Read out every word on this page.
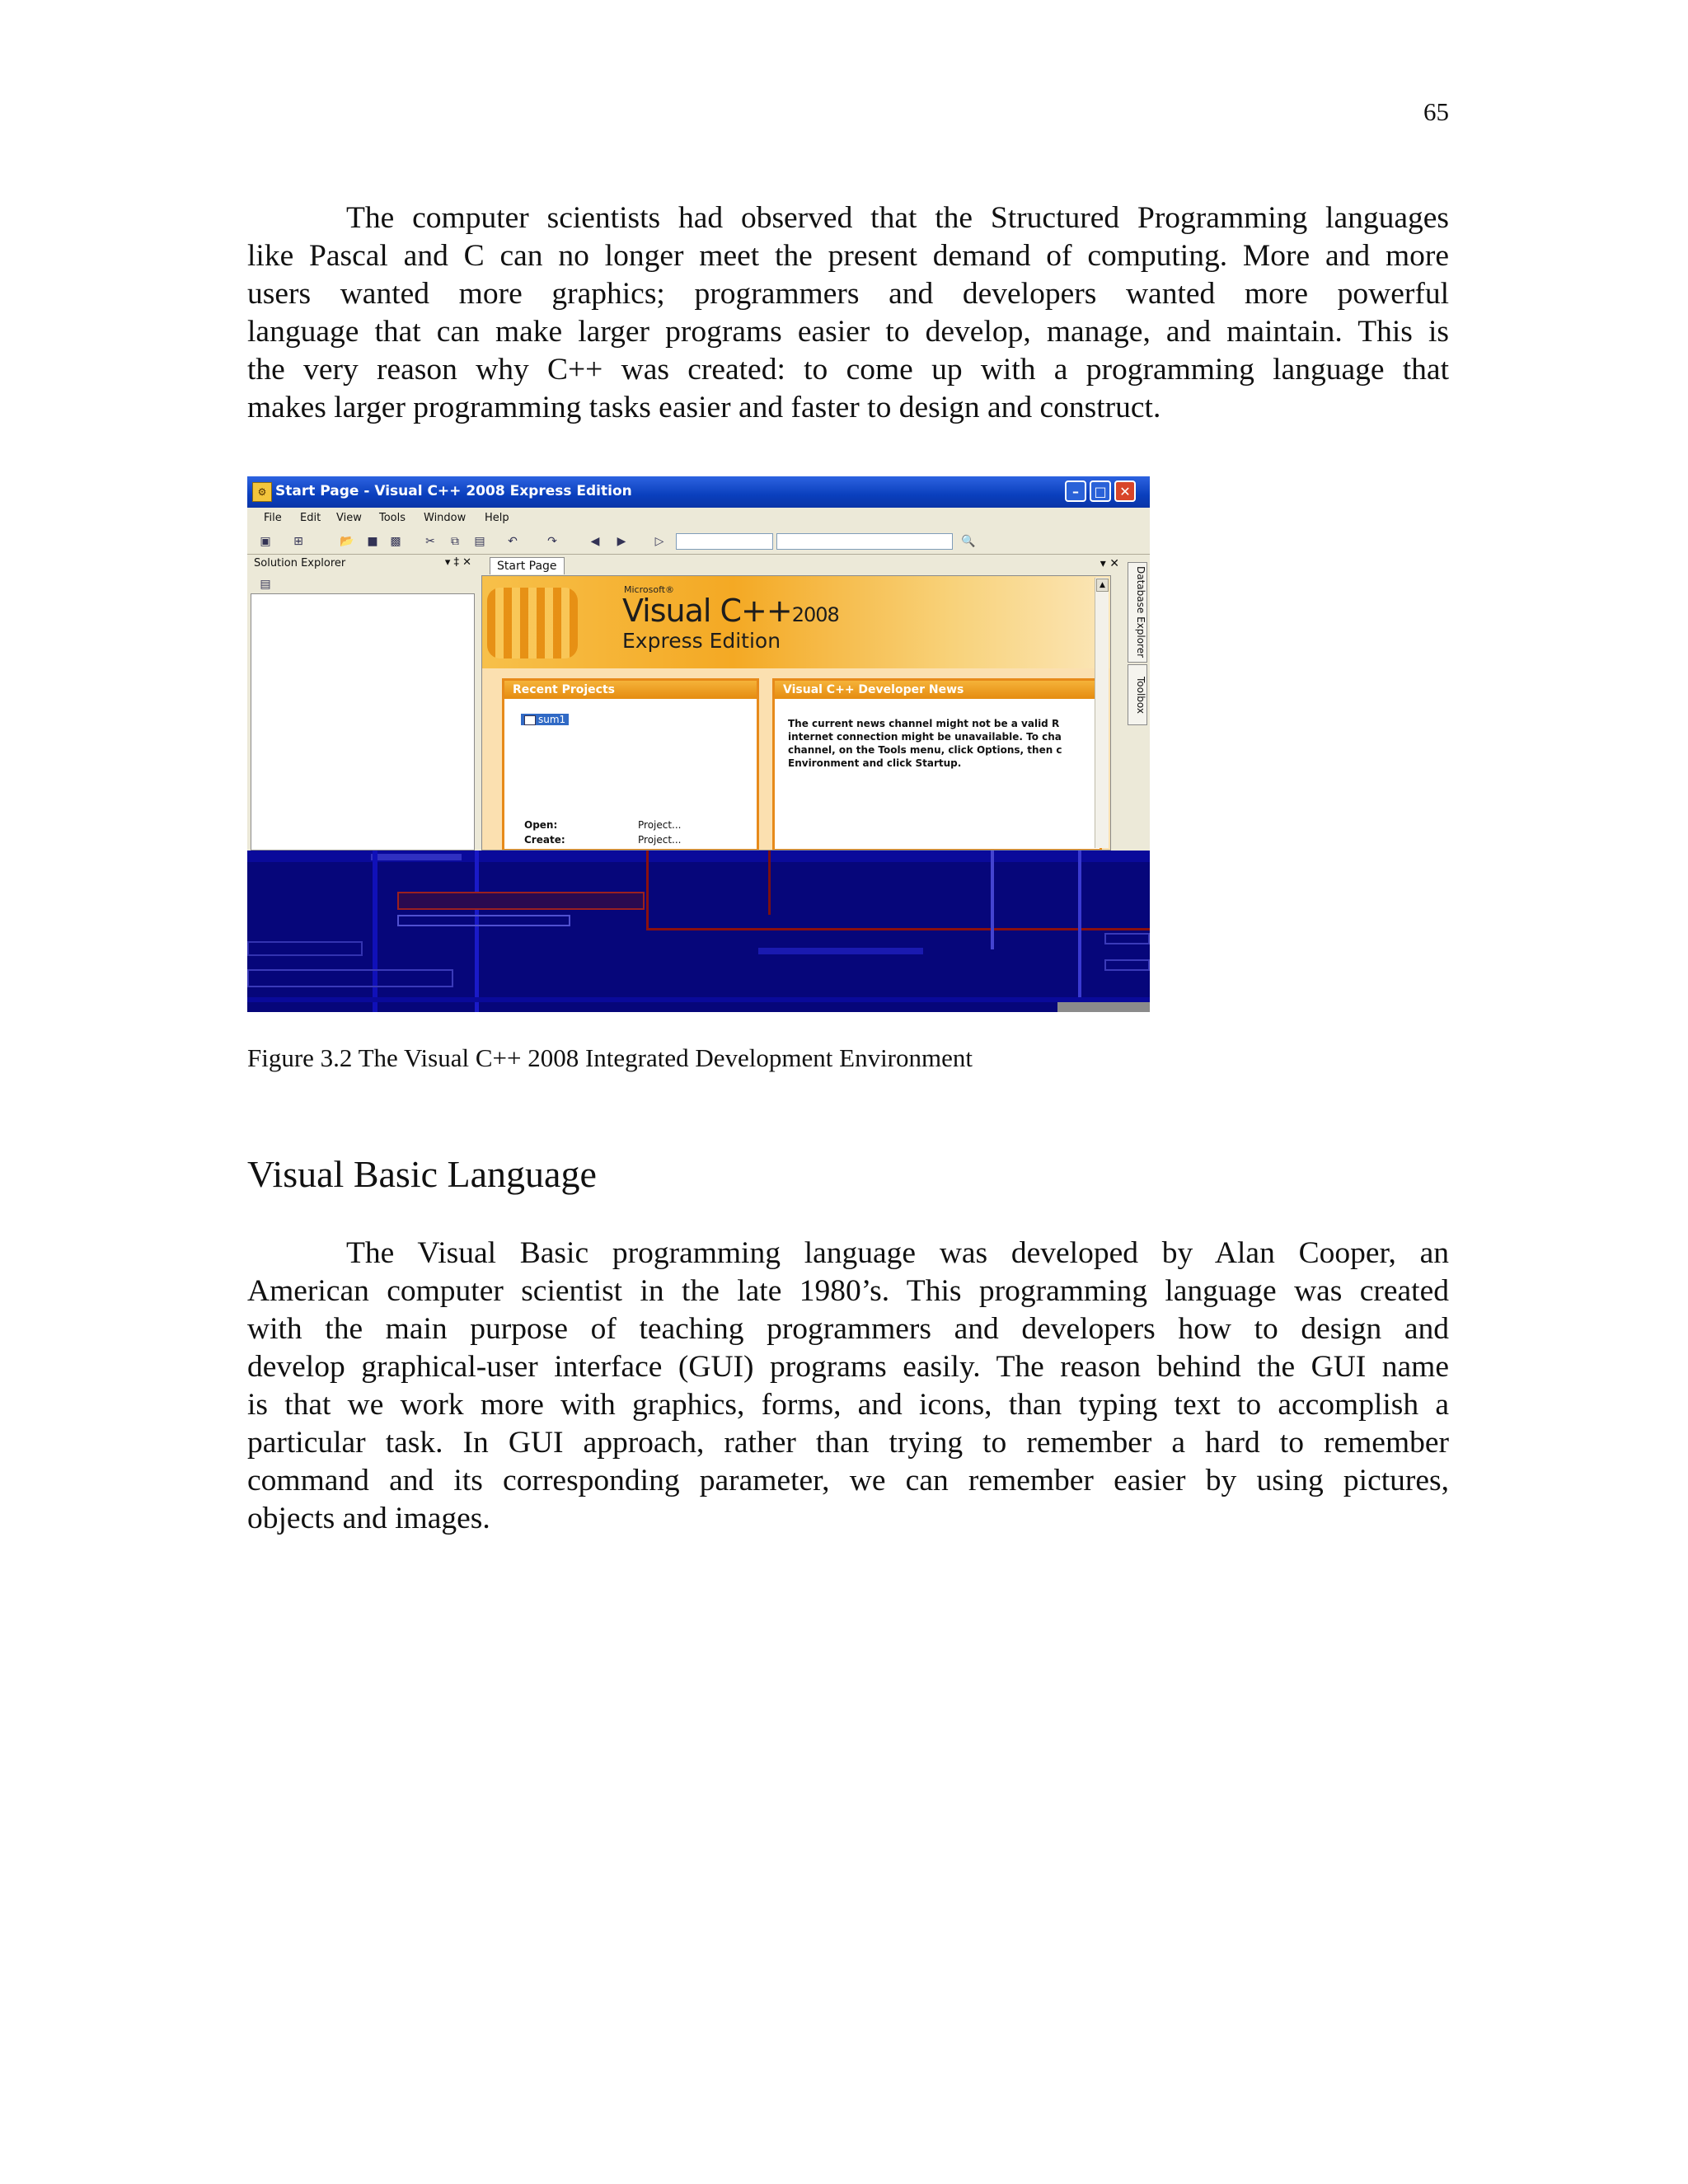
65

The computer scientists had observed that the Structured Programming languages
like Pascal and C can no longer meet the present demand of computing. More and more
users wanted more graphics; programmers and developers wanted more powerful
language that can make larger programs easier to develop, manage, and maintain. This is
the very reason why C++ was created: to come up with a programming language that
makes larger programming tasks easier and faster to design and construct.

⚙ Start Page - Visual C++ 2008 Express Edition	–	□ ✕
File Edit View Tools Window Help
▣ ⊞	📂 ■ ▩ ✂ ⧉ ▤ ↶	↷	◀ ▶	▷	🔍
Solution Explorer	▾ ‡ ✕
▤
Start Page	▾ ✕
Microsoft®
Visual C++2008
Express Edition
Recent Projects
sum1
Open:	Project...
Create:	Project...
Visual C++ Developer News
The current news channel might not be a valid R
internet connection might be unavailable. To cha
channel, on the Tools menu, click Options, then c
Environment and click Startup.
▲	Database Explorer
Toolbox
Figure 3.2 The Visual C++ 2008 Integrated Development Environment
Visual Basic Language

The Visual Basic programming language was developed by Alan Cooper, an
American computer scientist in the late 1980’s. This programming language was created
with the main purpose of teaching programmers and developers how to design and
develop graphical-user interface (GUI) programs easily. The reason behind the GUI name
is that we work more with graphics, forms, and icons, than typing text to accomplish a
particular task. In GUI approach, rather than trying to remember a hard to remember
command and its corresponding parameter, we can remember easier by using pictures,
objects and images.
